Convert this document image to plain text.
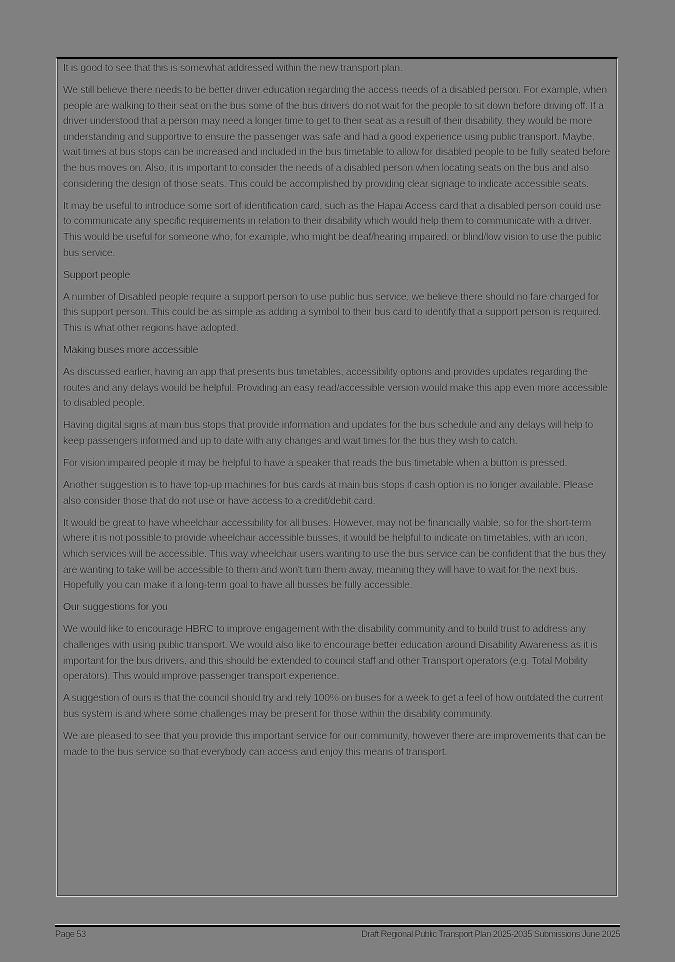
It is good to see that this is somewhat addressed within the new transport plan.

We still believe there needs to be better driver education regarding the access needs of a disabled person. For example, when people are walking to their seat on the bus some of the bus drivers do not wait for the people to sit down before driving off. If a driver understood that a person may need a longer time to get to their seat as a result of their disability, they would be more understanding and supportive to ensure the passenger was safe and had a good experience using public transport. Maybe, wait times at bus stops can be increased and included in the bus timetable to allow for disabled people to be fully seated before the bus moves on. Also, it is important to consider the needs of a disabled person when locating seats on the bus and also considering the design of those seats. This could be accomplished by providing clear signage to indicate accessible seats.

It may be useful to introduce some sort of identification card, such as the Hapai Access card that a disabled person could use to communicate any specific requirements in relation to their disability which would help them to communicate with a driver. This would be useful for someone who, for example, who might be deaf/hearing impaired, or blind/low vision to use the public bus service.

Support people

A number of Disabled people require a support person to use public bus service, we believe there should no fare charged for this support person. This could be as simple as adding a symbol to their bus card to identify that a support person is required. This is what other regions have adopted.

Making buses more accessible

As discussed earlier, having an app that presents bus timetables, accessibility options and provides updates regarding the routes and any delays would be helpful. Providing an easy read/accessible version would make this app even more accessible to disabled people.

Having digital signs at main bus stops that provide information and updates for the bus schedule and any delays will help to keep passengers informed and up to date with any changes and wait times for the bus they wish to catch.

For vision impaired people it may be helpful to have a speaker that reads the bus timetable when a button is pressed.

Another suggestion is to have top-up machines for bus cards at main bus stops if cash option is no longer available. Please also consider those that do not use or have access to a credit/debit card.

It would be great to have wheelchair accessibility for all buses. However, may not be financially viable, so for the short-term where it is not possible to provide wheelchair accessible busses, it would be helpful to indicate on timetables, with an icon, which services will be accessible. This way wheelchair users wanting to use the bus service can be confident that the bus they are wanting to take will be accessible to them and won't turn them away, meaning they will have to wait for the next bus. Hopefully you can make it a long-term goal to have all busses be fully accessible.

Our suggestions for you

We would like to encourage HBRC to improve engagement with the disability community and to build trust to address any challenges with using public transport. We would also like to encourage better education around Disability Awareness as it is important for the bus drivers, and this should be extended to council staff and other Transport operators (e.g. Total Mobility operators). This would improve passenger transport experience.

A suggestion of ours is that the council should try and rely 100% on buses for a week to get a feel of how outdated the current bus system is and where some challenges may be present for those within the disability community.

We are pleased to see that you provide this important service for our community, however there are improvements that can be made to the bus service so that everybody can access and enjoy this means of transport.

Page 53	Draft Regional Public Transport Plan 2025-2035 Submissions June 2025
